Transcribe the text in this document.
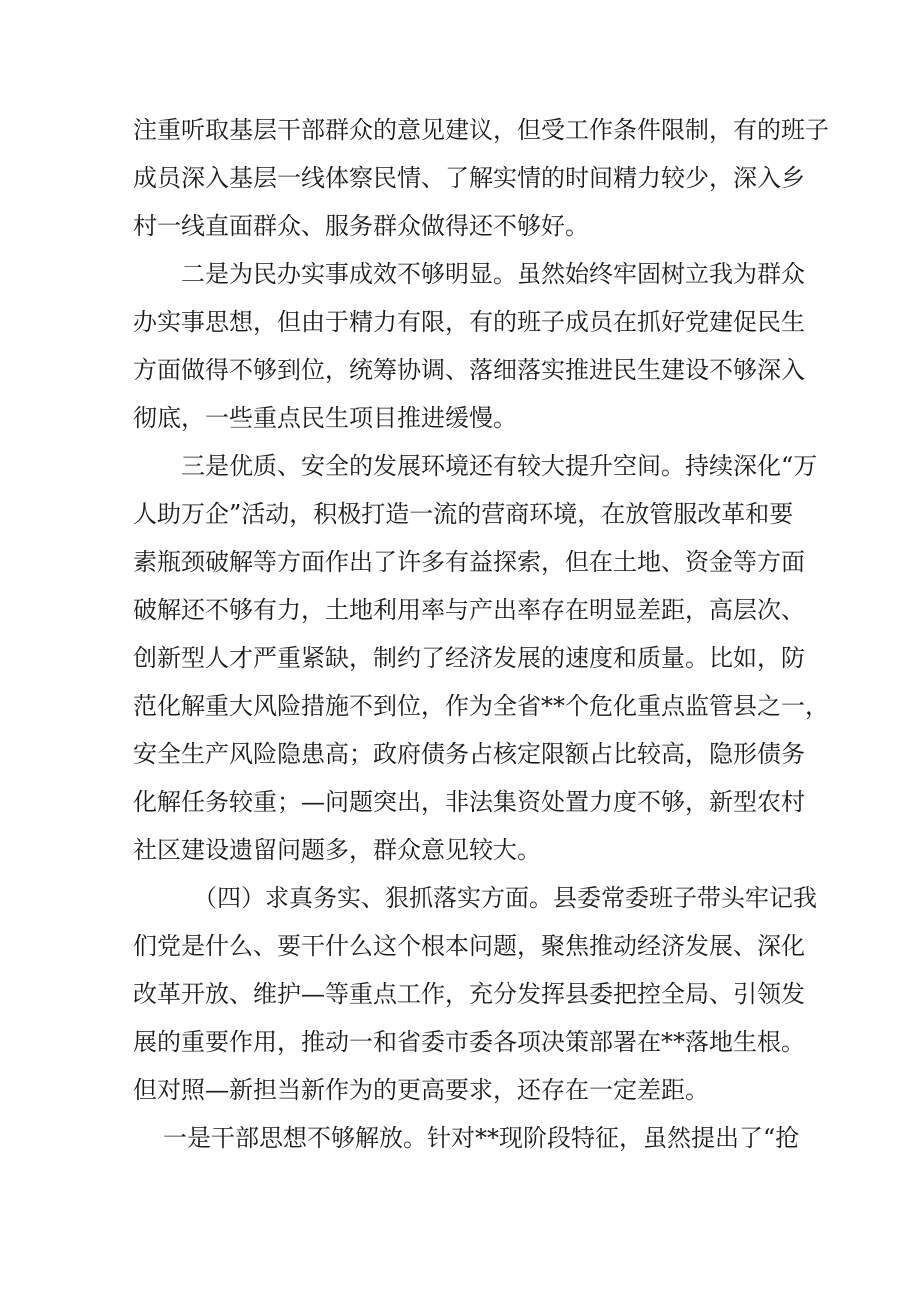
注重听取基层干部群众的意见建议，但受工作条件限制，有的班子

成员深入基层一线体察民情、了解实情的时间精力较少，深入乡

村一线直面群众、服务群众做得还不够好。

二是为民办实事成效不够明显。虽然始终牢固树立我为群众

办实事思想，但由于精力有限，有的班子成员在抓好党建促民生

方面做得不够到位，统筹协调、落细落实推进民生建设不够深入

彻底，一些重点民生项目推进缓慢。

三是优质、安全的发展环境还有较大提升空间。持续深化“万

人助万企”活动，积极打造一流的营商环境，在放管服改革和要

素瓶颈破解等方面作出了许多有益探索，但在土地、资金等方面

破解还不够有力，土地利用率与产出率存在明显差距，高层次、

创新型人才严重紧缺，制约了经济发展的速度和质量。比如，防

范化解重大风险措施不到位，作为全省**个危化重点监管县之一，

安全生产风险隐患高；政府债务占核定限额占比较高，隐形债务

化解任务较重；—问题突出，非法集资处置力度不够，新型农村

社区建设遗留问题多，群众意见较大。

（四）求真务实、狠抓落实方面。县委常委班子带头牢记我

们党是什么、要干什么这个根本问题，聚焦推动经济发展、深化

改革开放、维护—等重点工作，充分发挥县委把控全局、引领发

展的重要作用，推动一和省委市委各项决策部署在**落地生根。

但对照—新担当新作为的更高要求，还存在一定差距。

一是干部思想不够解放。针对**现阶段特征，虽然提出了“抢
